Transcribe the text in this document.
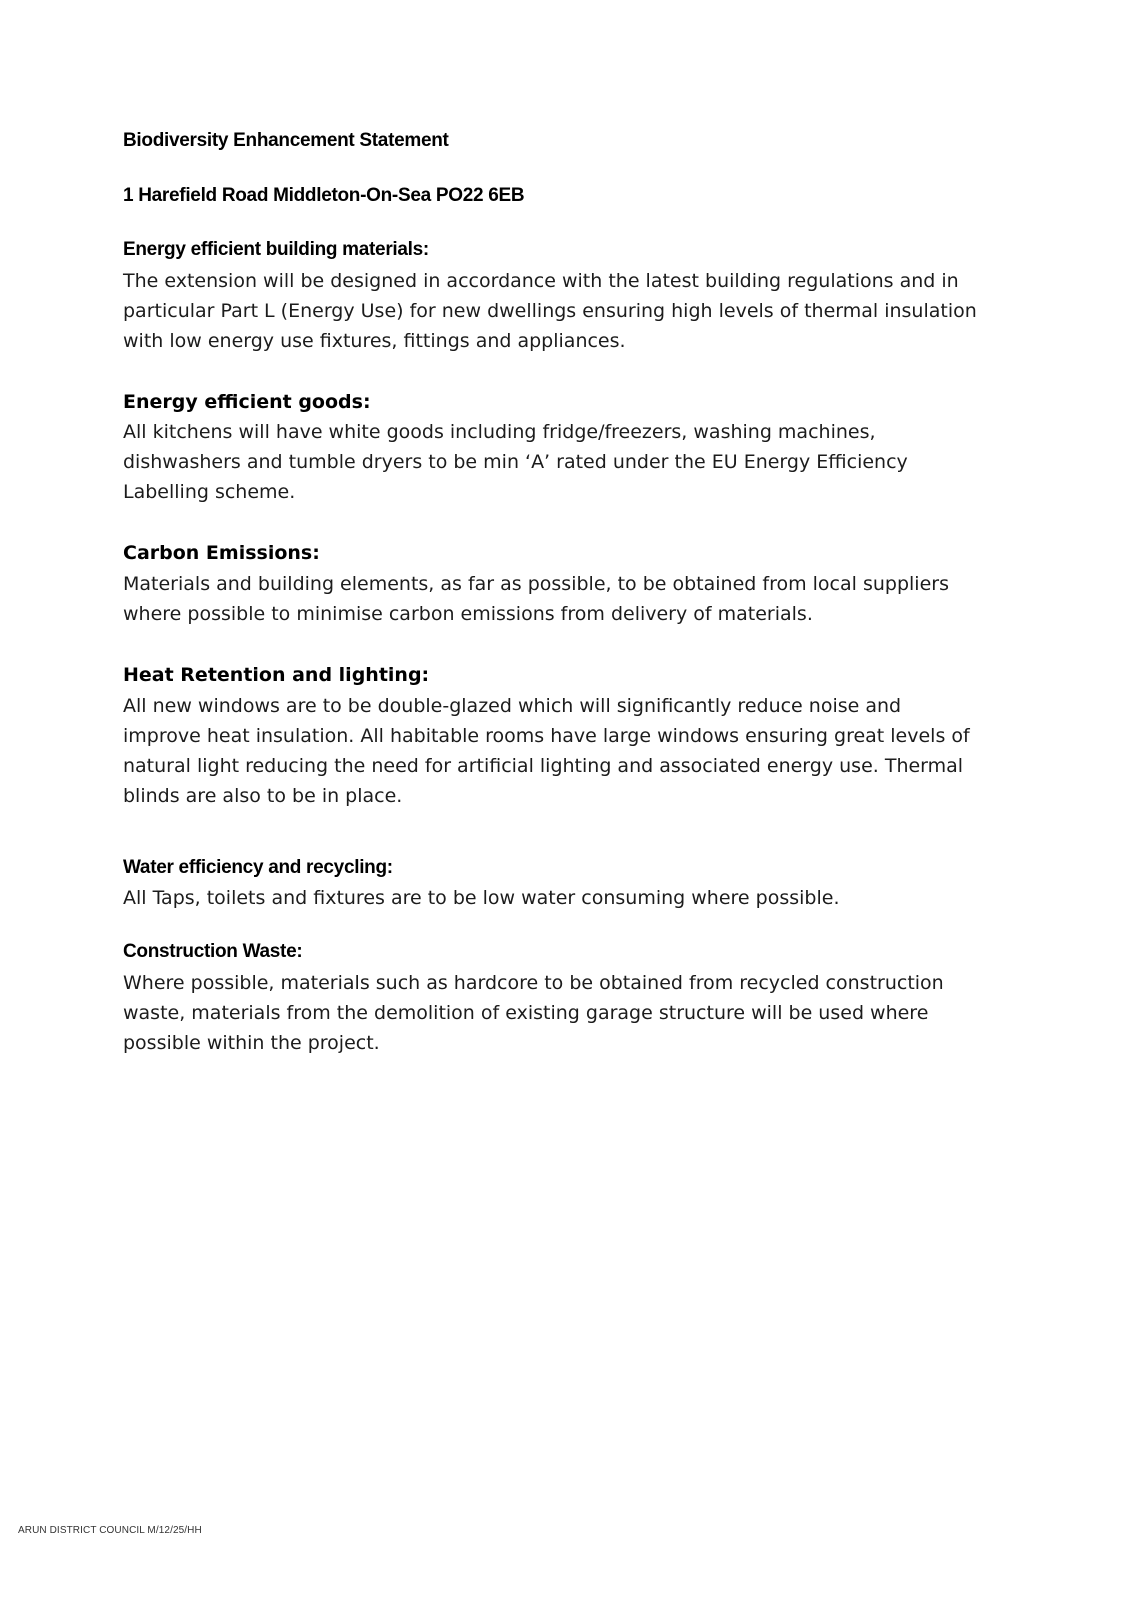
Biodiversity Enhancement Statement
1 Harefield Road Middleton-On-Sea PO22 6EB
Energy efficient building materials:

The extension will be designed in accordance with the latest building regulations and in particular Part L (Energy Use) for new dwellings ensuring high levels of thermal insulation with low energy use fixtures, fittings and appliances.

Energy efficient goods:

All kitchens will have white goods including fridge/freezers, washing machines, dishwashers and tumble dryers to be min ‘A’ rated under the EU Energy Efficiency Labelling scheme.

Carbon Emissions:

Materials and building elements, as far as possible, to be obtained from local suppliers where possible to minimise carbon emissions from delivery of materials.

Heat Retention and lighting:

All new windows are to be double-glazed which will significantly reduce noise and improve heat insulation. All habitable rooms have large windows ensuring great levels of natural light reducing the need for artificial lighting and associated energy use. Thermal blinds are also to be in place.

Water efficiency and recycling:

All Taps, toilets and fixtures are to be low water consuming where possible.

Construction Waste:

Where possible, materials such as hardcore to be obtained from recycled construction waste, materials from the demolition of existing garage structure will be used where possible within the project.

ARUN DISTRICT COUNCIL M/12/25/HH
